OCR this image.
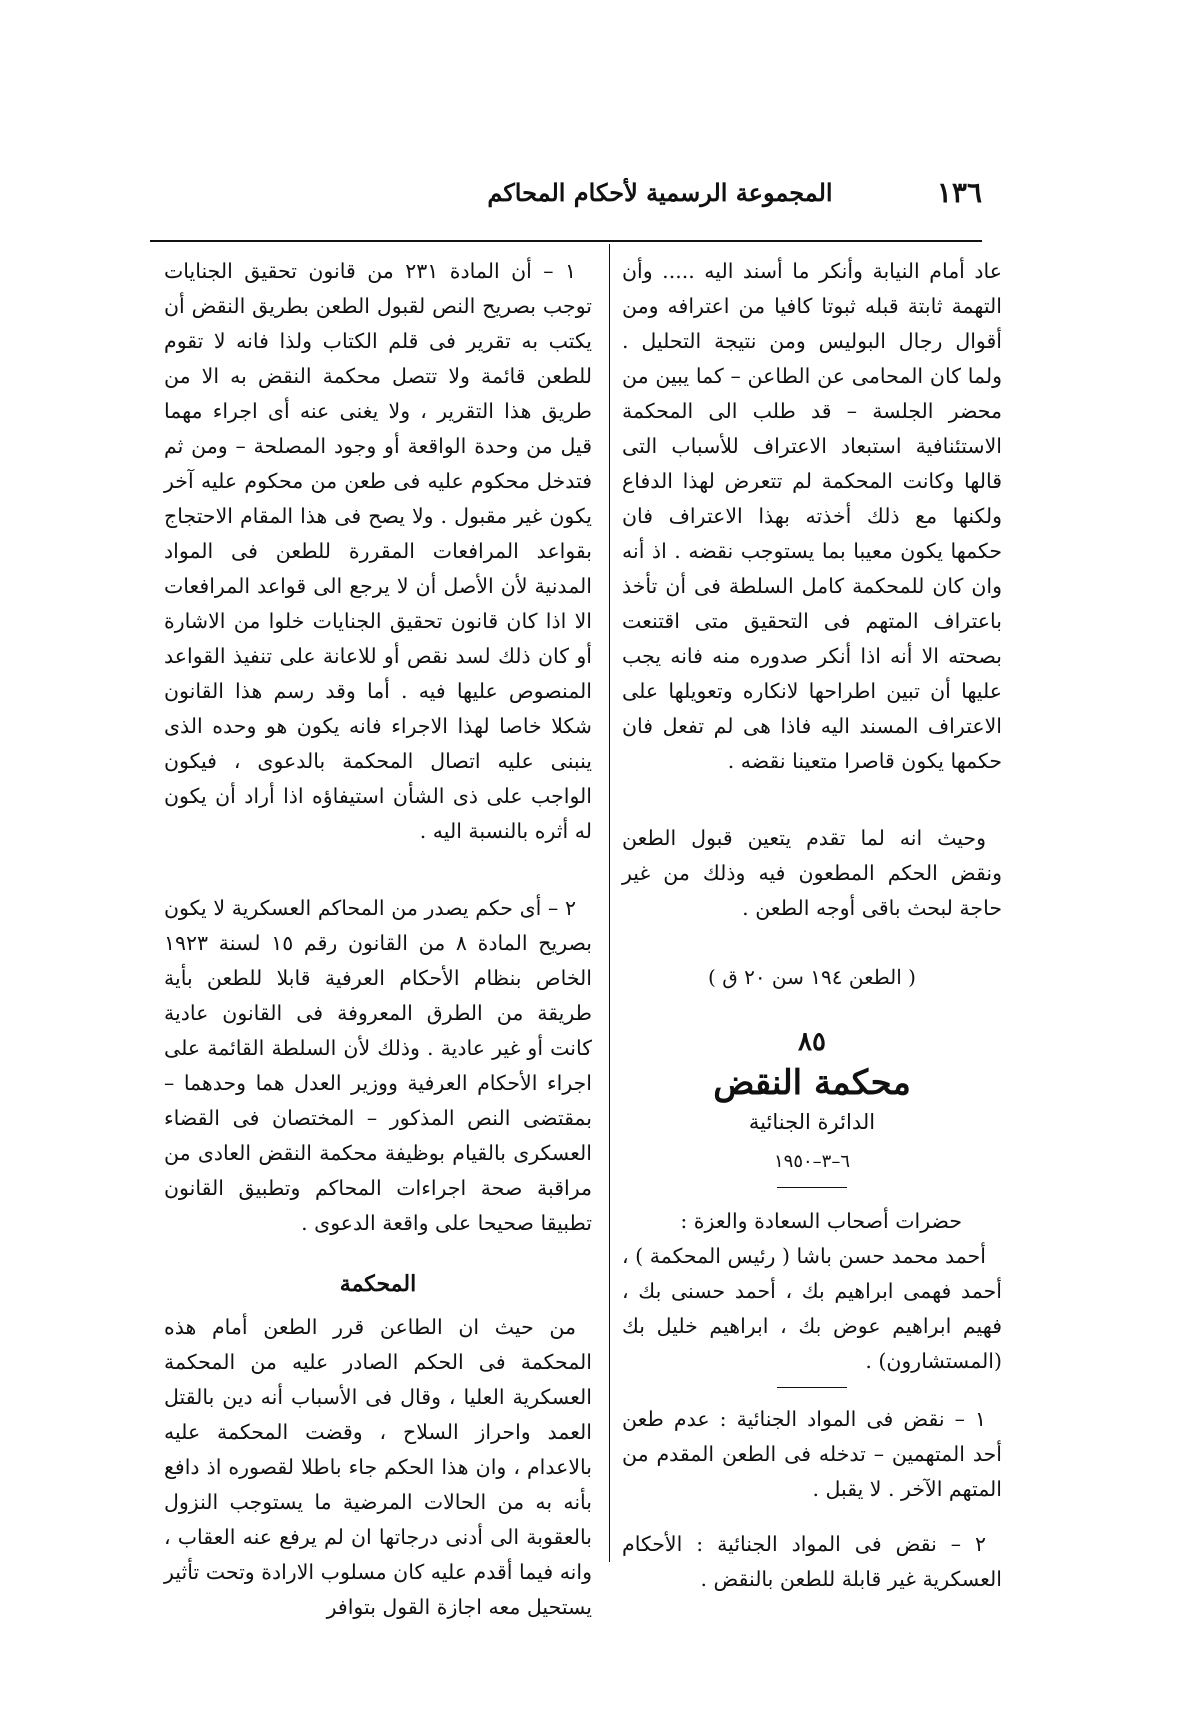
١٣٦
المجموعة الرسمية لأحكام المحاكم

عاد أمام النيابة وأنكر ما أسند اليه ..... وأن التهمة ثابتة قبله ثبوتا كافيا من اعترافه ومن أقوال رجال البوليس ومن نتيجة التحليل . ولما كان المحامى عن الطاعن – كما يبين من محضر الجلسة – قد طلب الى المحكمة الاستئنافية استبعاد الاعتراف للأسباب التى قالها وكانت المحكمة لم تتعرض لهذا الدفاع ولكنها مع ذلك أخذته بهذا الاعتراف فان حكمها يكون معيبا بما يستوجب نقضه . اذ أنه وان كان للمحكمة كامل السلطة فى أن تأخذ باعتراف المتهم فى التحقيق متى اقتنعت بصحته الا أنه اذا أنكر صدوره منه فانه يجب عليها أن تبين اطراحها لانكاره وتعويلها على الاعتراف المسند اليه فاذا هى لم تفعل فان حكمها يكون قاصرا متعينا نقضه .

وحيث انه لما تقدم يتعين قبول الطعن ونقض الحكم المطعون فيه وذلك من غير حاجة لبحث باقى أوجه الطعن .

( الطعن ١٩٤ سن ٢٠ ق )

٨٥

محكمة النقض

الدائرة الجنائية

٦–٣–١٩٥٠

حضرات أصحاب السعادة والعزة :

أحمد محمد حسن باشا ( رئيس المحكمة ) ، أحمد فهمى ابراهيم بك ، أحمد حسنى بك ، فهيم ابراهيم عوض بك ، ابراهيم خليل بك (المستشارون) .

١ – نقض فى المواد الجنائية : عدم طعن أحد المتهمين – تدخله فى الطعن المقدم من المتهم الآخر . لا يقبل .

٢ – نقض فى المواد الجنائية : الأحكام العسكرية غير قابلة للطعن بالنقض .

١ – أن المادة ٢٣١ من قانون تحقيق الجنايات توجب بصريح النص لقبول الطعن بطريق النقض أن يكتب به تقرير فى قلم الكتاب ولذا فانه لا تقوم للطعن قائمة ولا تتصل محكمة النقض به الا من طريق هذا التقرير ، ولا يغنى عنه أى اجراء مهما قيل من وحدة الواقعة أو وجود المصلحة – ومن ثم فتدخل محكوم عليه فى طعن من محكوم عليه آخر يكون غير مقبول . ولا يصح فى هذا المقام الاحتجاج بقواعد المرافعات المقررة للطعن فى المواد المدنية لأن الأصل أن لا يرجع الى قواعد المرافعات الا اذا كان قانون تحقيق الجنايات خلوا من الاشارة أو كان ذلك لسد نقص أو للاعانة على تنفيذ القواعد المنصوص عليها فيه . أما وقد رسم هذا القانون شكلا خاصا لهذا الاجراء فانه يكون هو وحده الذى ينبنى عليه اتصال المحكمة بالدعوى ، فيكون الواجب على ذى الشأن استيفاؤه اذا أراد أن يكون له أثره بالنسبة اليه .

٢ – أى حكم يصدر من المحاكم العسكرية لا يكون بصريح المادة ٨ من القانون رقم ١٥ لسنة ١٩٢٣ الخاص بنظام الأحكام العرفية قابلا للطعن بأية طريقة من الطرق المعروفة فى القانون عادية كانت أو غير عادية . وذلك لأن السلطة القائمة على اجراء الأحكام العرفية ووزير العدل هما وحدهما – بمقتضى النص المذكور – المختصان فى القضاء العسكرى بالقيام بوظيفة محكمة النقض العادى من مراقبة صحة اجراءات المحاكم وتطبيق القانون تطبيقا صحيحا على واقعة الدعوى .

المحكمة

من حيث ان الطاعن قرر الطعن أمام هذه المحكمة فى الحكم الصادر عليه من المحكمة العسكرية العليا ، وقال فى الأسباب أنه دين بالقتل العمد واحراز السلاح ، وقضت المحكمة عليه بالاعدام ، وان هذا الحكم جاء باطلا لقصوره اذ دافع بأنه به من الحالات المرضية ما يستوجب النزول بالعقوبة الى أدنى درجاتها ان لم يرفع عنه العقاب ، وانه فيما أقدم عليه كان مسلوب الارادة وتحت تأثير يستحيل معه اجازة القول بتوافر
